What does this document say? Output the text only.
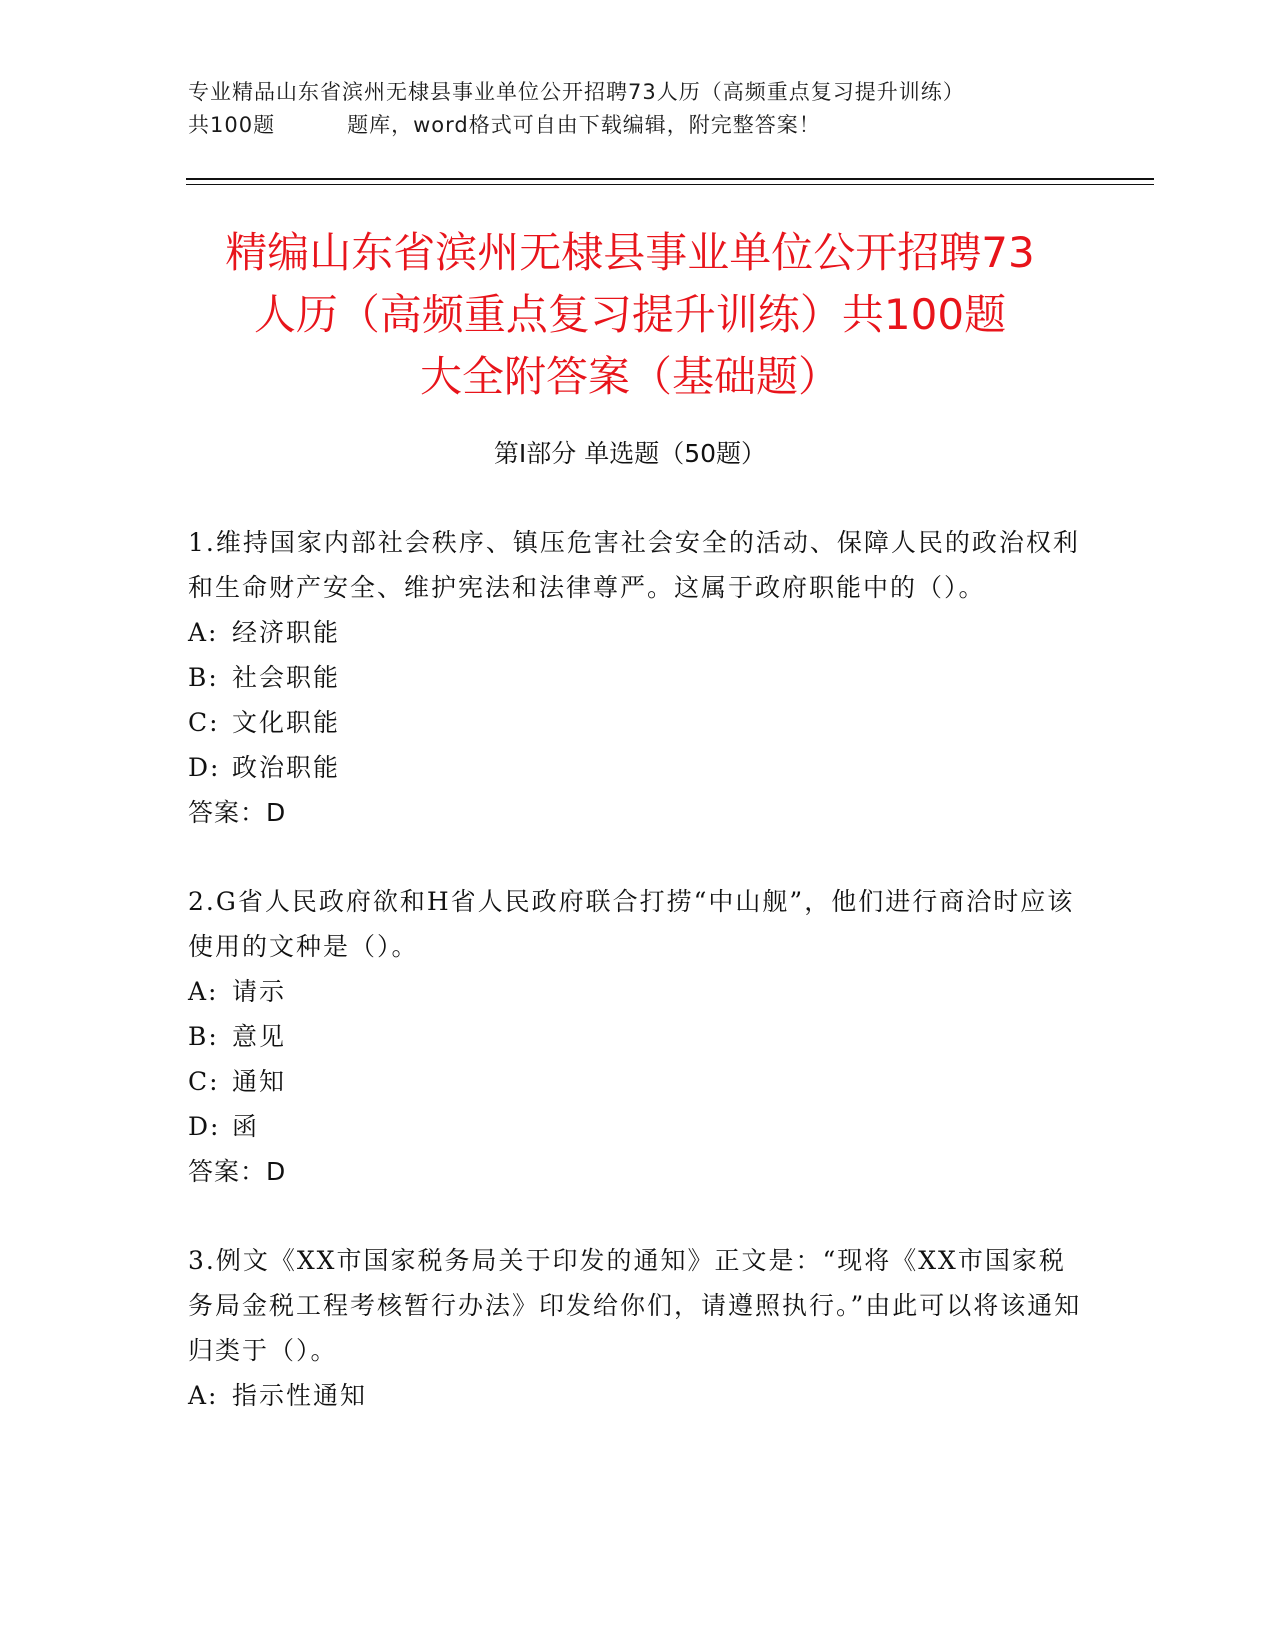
专业精品山东省滨州无棣县事业单位公开招聘73人历（高频重点复习提升训练）
共100题	题库，word格式可自由下载编辑，附完整答案！
精编山东省滨州无棣县事业单位公开招聘73
人历（高频重点复习提升训练）共100题
大全附答案（基础题）
第Ⅰ部分 单选题（50题）

1.维持国家内部社会秩序、镇压危害社会安全的活动、保障人民的政治权利和生命财产安全、维护宪法和法律尊严。这属于政府职能中的（）。

A: 经济职能

B: 社会职能

C: 文化职能

D: 政治职能

答案：D

2.G省人民政府欲和H省人民政府联合打捞“中山舰”，他们进行商洽时应该使用的文种是（）。

A: 请示

B: 意见

C: 通知

D: 函

答案：D

3.例文《XX市国家税务局关于印发的通知》正文是：“现将《XX市国家税务局金税工程考核暂行办法》印发给你们，请遵照执行。”由此可以将该通知归类于（）。

A: 指示性通知
